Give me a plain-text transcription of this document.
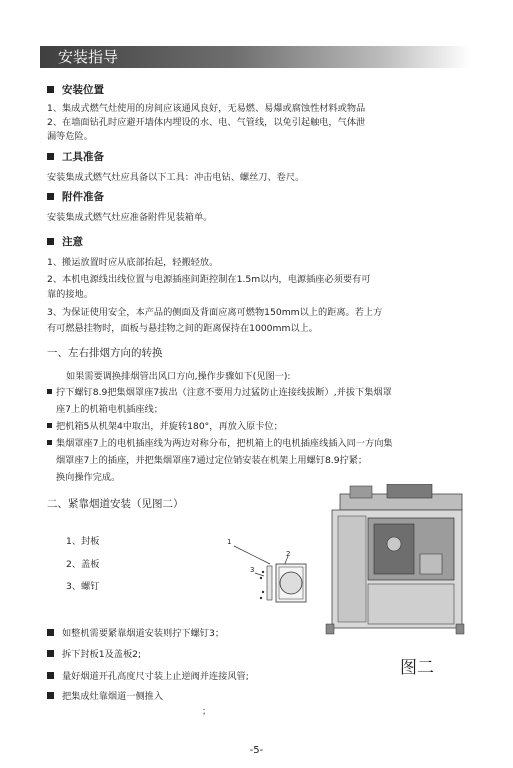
安装指导
安装位置
1、集成式燃气灶使用的房间应该通风良好，无易燃、易爆或腐蚀性材料或物品
2、在墙面钻孔时应避开墙体内埋设的水、电、气管线，以免引起触电，气体泄
漏等危险。
工具准备
安装集成式燃气灶应具备以下工具：冲击电钻、螺丝刀、卷尺。
附件准备
安装集成式燃气灶应准备附件见装箱单。
注意
1、搬运放置时应从底部抬起，轻搬轻放。
2、本机电源线出线位置与电源插座间距控制在1.5m以内，电源插座必须要有可
靠的接地。
3、为保证使用安全，本产品的侧面及背面应离可燃物150mm以上的距离。若上方
有可燃悬挂物时，面板与悬挂物之间的距离保持在1000mm以上。
一、左右排烟方向的转换
如果需要调换排烟管出风口方向,操作步骤如下(见图一):
拧下螺钉8.9把集烟罩座7拔出（注意不要用力过猛防止连接线拔断）,并拔下集烟罩
座7上的机箱电机插座线；
把机箱5从机架4中取出，并旋转180°，再放入原卡位；
集烟罩座7上的电机插座线为两边对称分布，把机箱上的电机插座线插入同一方向集
烟罩座7上的插座，并把集烟罩座7通过定位销安装在机架上用螺钉8.9拧紧；
换向操作完成。
二、紧靠烟道安装（见图二）
1、封板
2、盖板
3、螺钉
1
2
3
如整机需要紧靠烟道安装则拧下螺钉3；
拆下封板1及盖板2;
量好烟道开孔高度尺寸装上止逆阀并连接风管;
把集成灶靠烟道一侧推入
；
图二
-5-
